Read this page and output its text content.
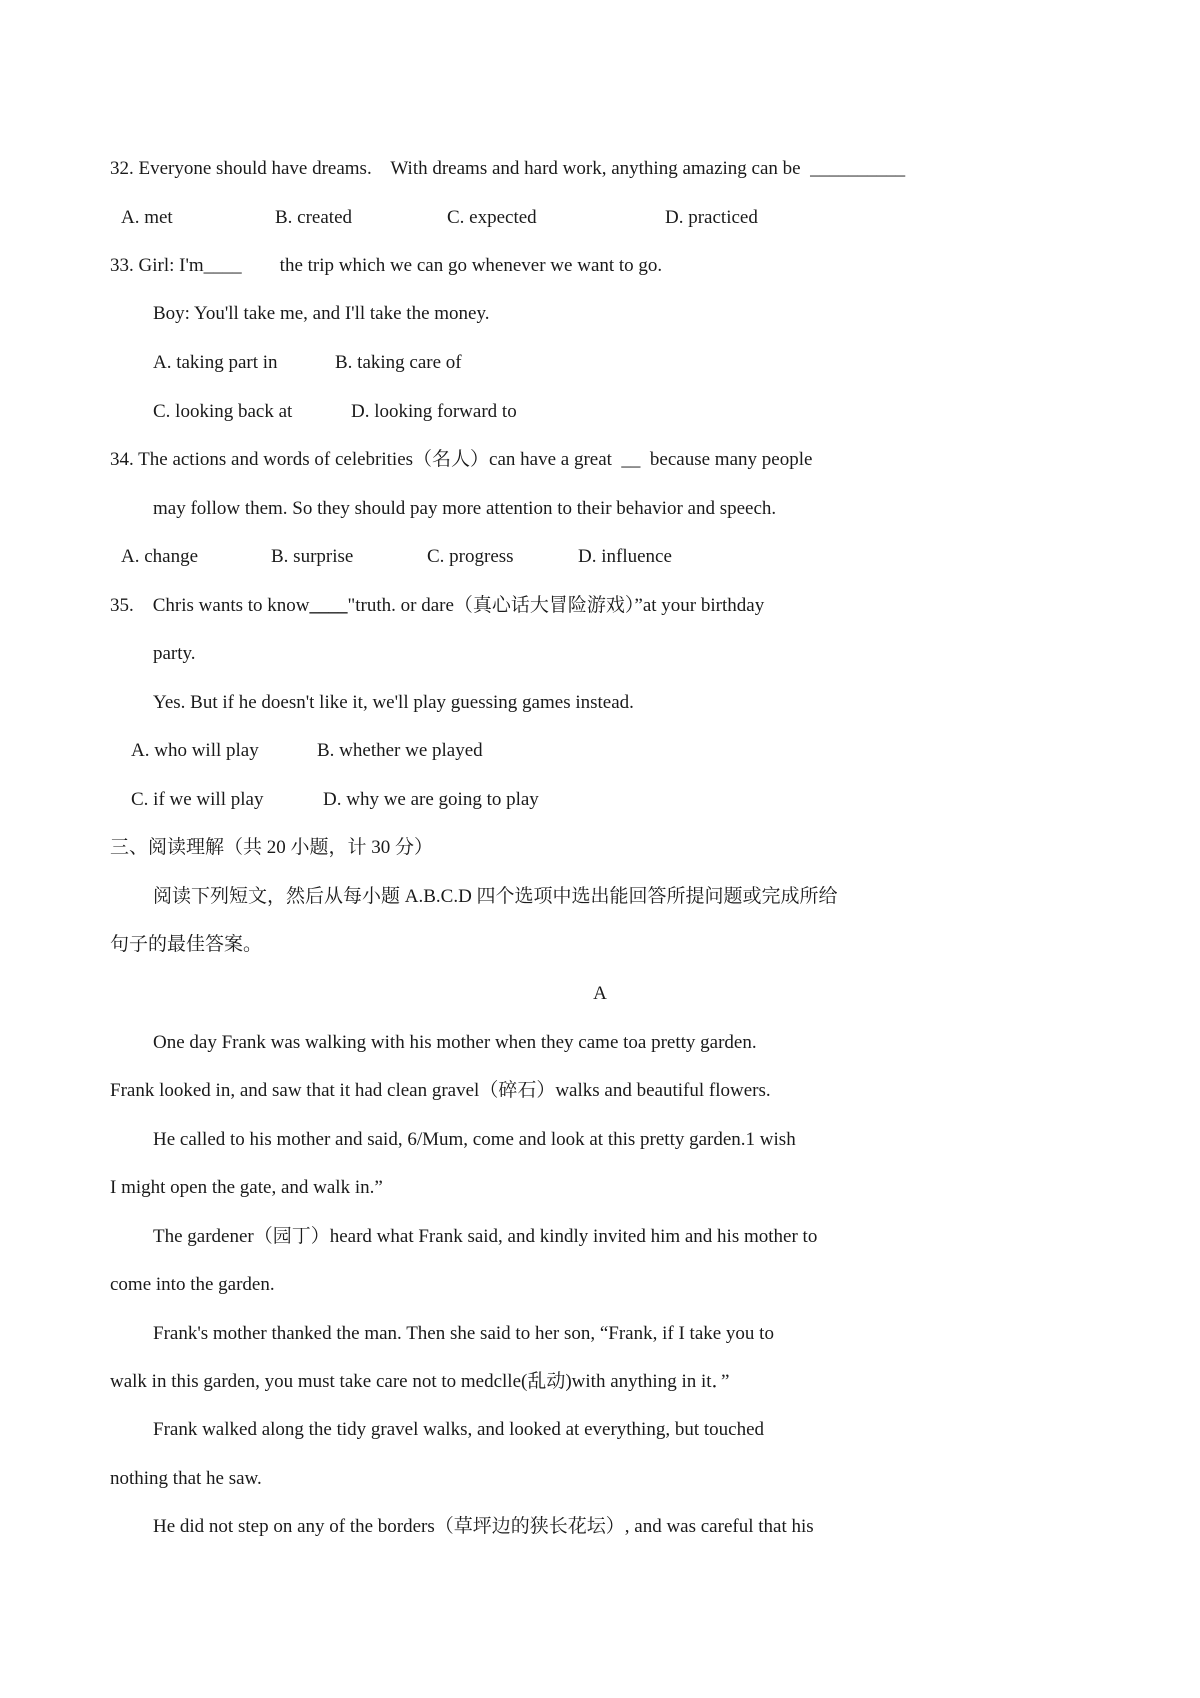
32. Everyone should have dreams.    With dreams and hard work, anything amazing can be  __________
A. met	B. created	C. expected	D. practiced
33. Girl: I'm____        the trip which we can go whenever we want to go.
Boy: You'll take me, and I'll take the money.
A. taking part in	B. taking care of
C. looking back at	D. looking forward to
34. The actions and words of celebrities（名人）can have a great  __  because many people
may follow them. So they should pay more attention to their behavior and speech.
A. change	B. surprise	C. progress	D. influence
35.    Chris wants to know____"truth. or dare（真心话大冒险游戏）”at your birthday
party.
Yes. But if he doesn't like it, we'll play guessing games instead.
A. who will play	B. whether we played
C. if we will play	D. why we are going to play
三、阅读理解（共 20 小题，计 30 分）
阅读下列短文，然后从每小题 A.B.C.D 四个选项中选出能回答所提问题或完成所给
句子的最佳答案。
A
One day Frank was walking with his mother when they came toa pretty garden.
Frank looked in, and saw that it had clean gravel（碎石）walks and beautiful flowers.
He called to his mother and said, 6/Mum, come and look at this pretty garden.1 wish
I might open the gate, and walk in.”
The gardener（园丁）heard what Frank said, and kindly invited him and his mother to
come into the garden.
Frank's mother thanked the man. Then she said to her son, “Frank, if I take you to
walk in this garden, you must take care not to medclle(乱动)with anything in it．”
Frank walked along the tidy gravel walks, and looked at everything, but touched
nothing that he saw.
He did not step on any of the borders（草坪边的狭长花坛）, and was careful that his
